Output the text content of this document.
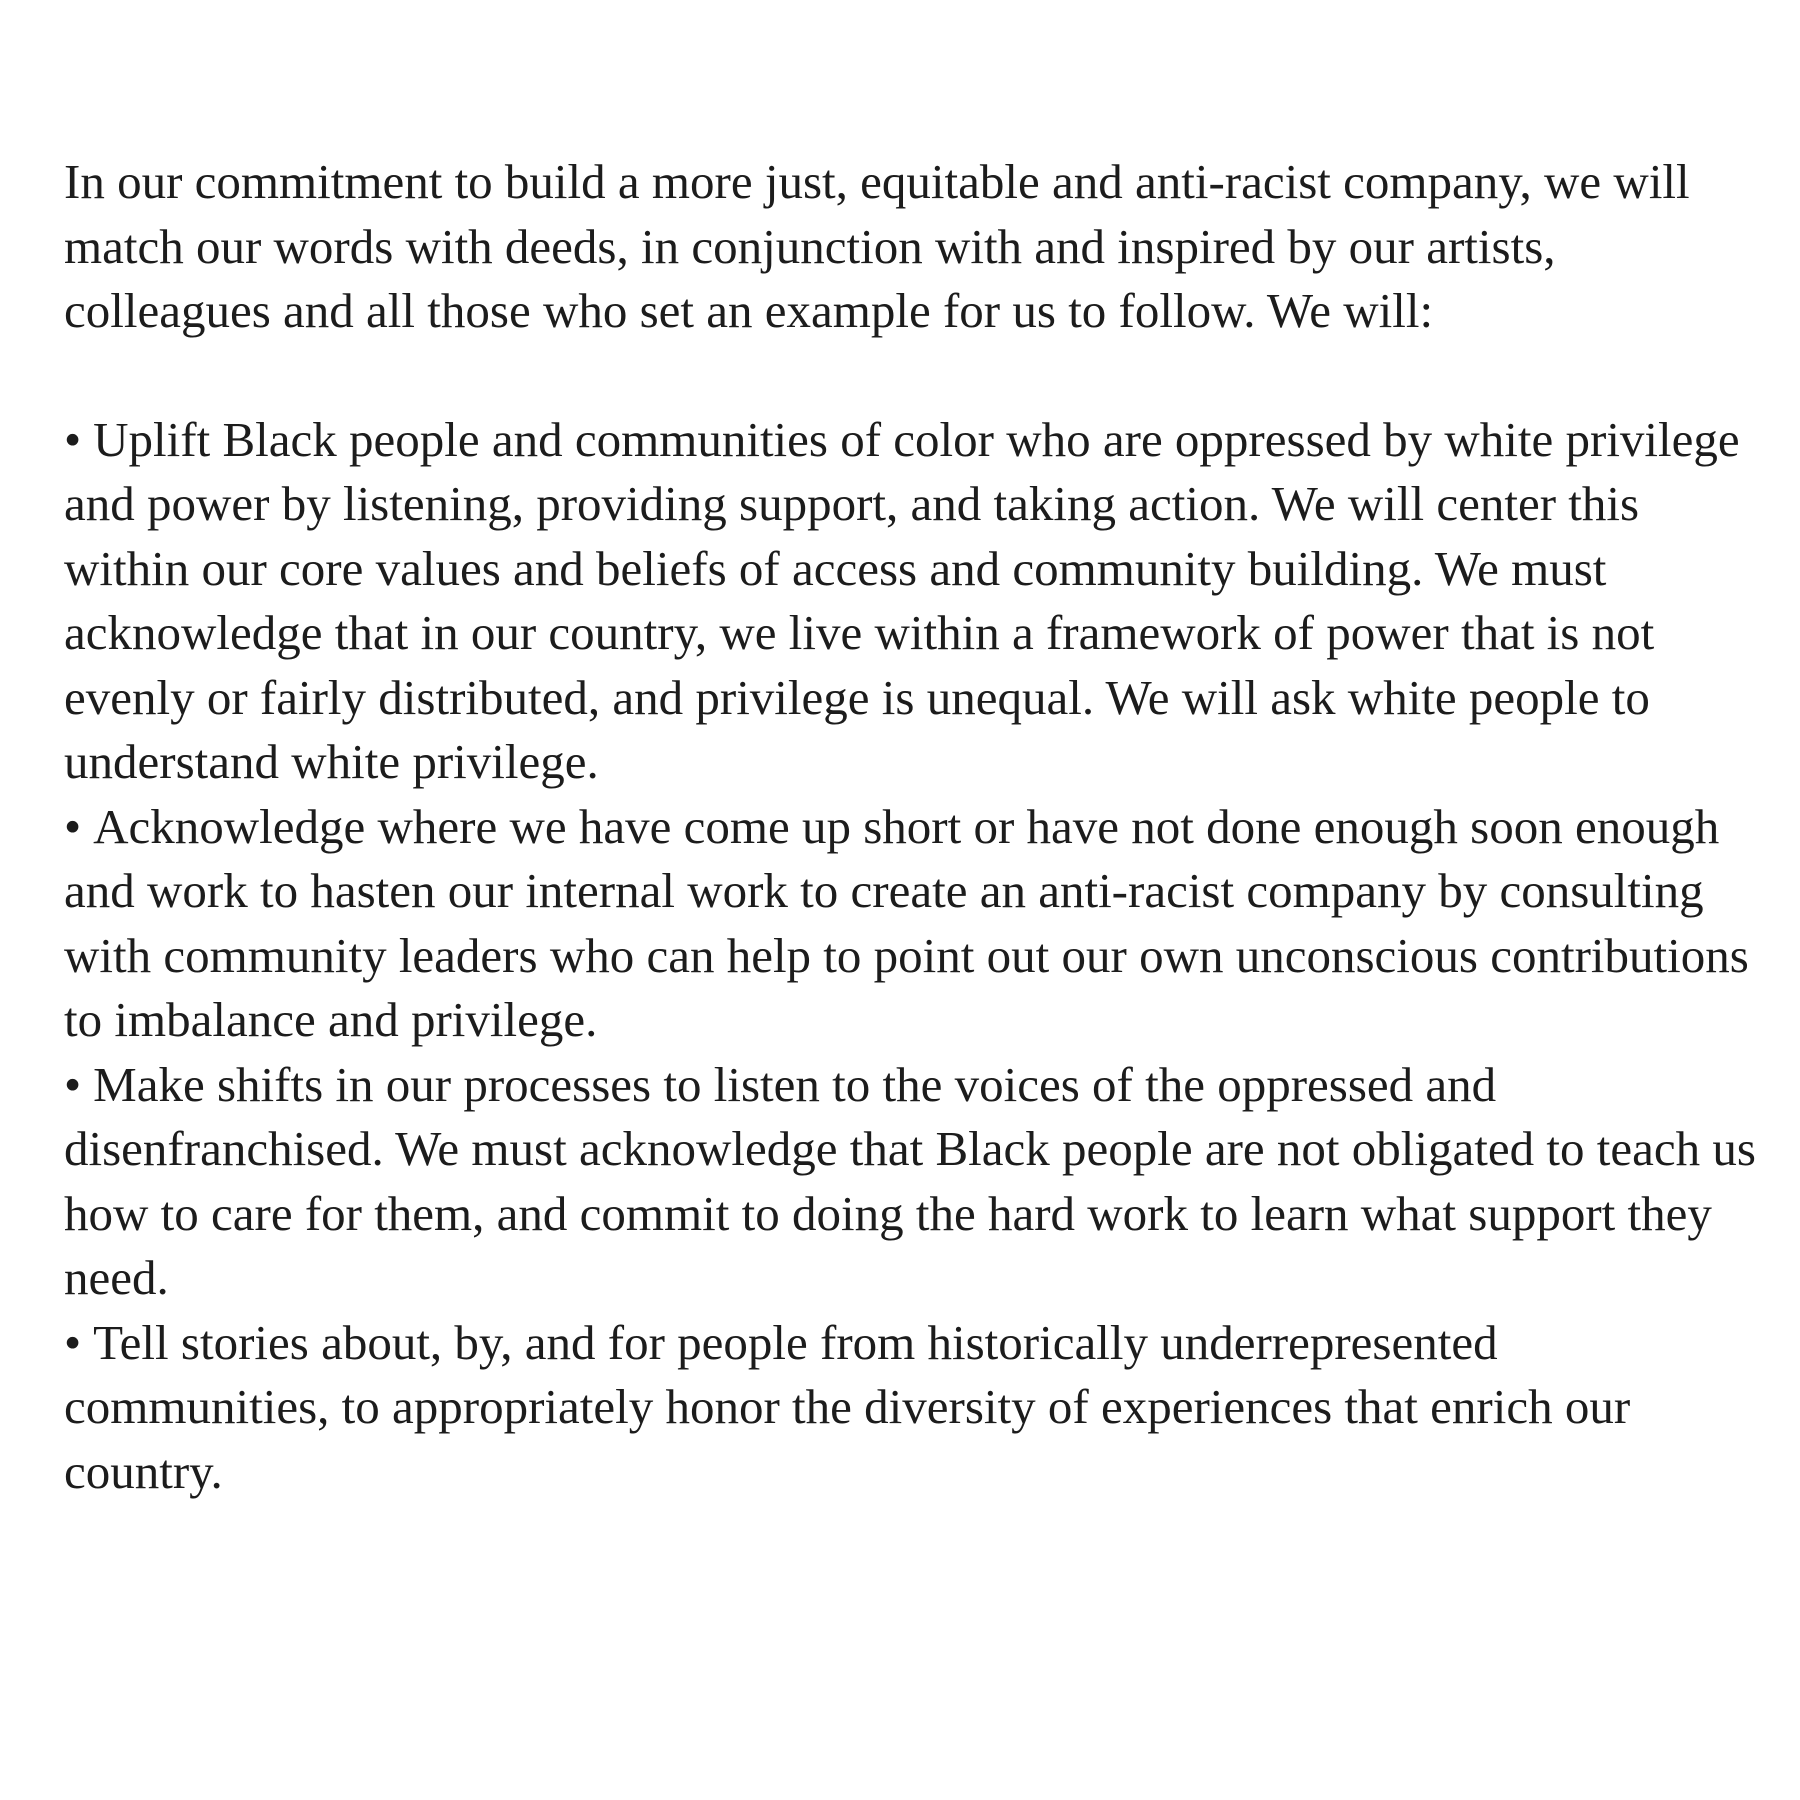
In our commitment to build a more just, equitable and anti-racist company, we will match our words with deeds, in conjunction with and inspired by our artists, colleagues and all those who set an example for us to follow. We will:

• Uplift Black people and communities of color who are oppressed by white privilege and power by listening, providing support, and taking action. We will center this within our core values and beliefs of access and community building. We must acknowledge that in our country, we live within a framework of power that is not evenly or fairly distributed, and privilege is unequal. We will ask white people to understand white privilege.
• Acknowledge where we have come up short or have not done enough soon enough and work to hasten our internal work to create an anti-racist company by consulting with community leaders who can help to point out our own unconscious contributions to imbalance and privilege.
• Make shifts in our processes to listen to the voices of the oppressed and disenfranchised. We must acknowledge that Black people are not obligated to teach us how to care for them, and commit to doing the hard work to learn what support they need.
• Tell stories about, by, and for people from historically underrepresented communities, to appropriately honor the diversity of experiences that enrich our country.
